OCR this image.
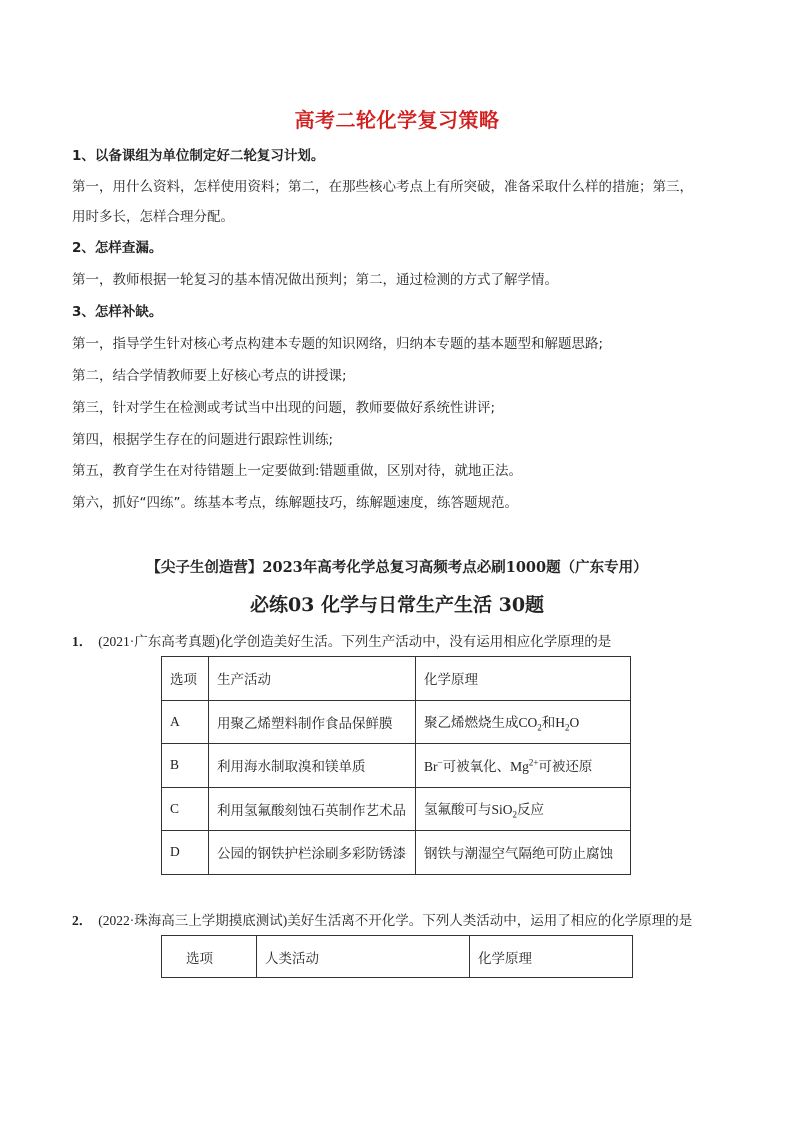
高考二轮化学复习策略
1、以备课组为单位制定好二轮复习计划。
第一，用什么资料，怎样使用资料；第二，在那些核心考点上有所突破，准备采取什么样的措施；第三，
用时多长，怎样合理分配。
2、怎样查漏。
第一，教师根据一轮复习的基本情况做出预判；第二，通过检测的方式了解学情。
3、怎样补缺。
第一，指导学生针对核心考点构建本专题的知识网络，归纳本专题的基本题型和解题思路;
第二，结合学情教师要上好核心考点的讲授课;
第三，针对学生在检测或考试当中出现的问题，教师要做好系统性讲评;
第四，根据学生存在的问题进行跟踪性训练;
第五，教育学生在对待错题上一定要做到:错题重做，区别对待，就地正法。
第六，抓好“四练”。练基本考点，练解题技巧，练解题速度，练答题规范。
【尖子生创造营】2023年高考化学总复习高频考点必刷1000题（广东专用）
必练03 化学与日常生产生活 30题
1． (2021·广东高考真题)化学创造美好生活。下列生产活动中，没有运用相应化学原理的是
选项	生产活动	化学原理
A	用聚乙烯塑料制作食品保鲜膜	聚乙烯燃烧生成$CO_2$和$H_2O$
B	利用海水制取溴和镁单质	Br−可被氧化、$Mg^{2+}$可被还原
C	利用氢氟酸刻蚀石英制作艺术品	氢氟酸可与SiO$_2$反应
D	公园的钢铁护栏涂刷多彩防锈漆	钢铁与潮湿空气隔绝可防止腐蚀
2． (2022·珠海高三上学期摸底测试)美好生活离不开化学。下列人类活动中，运用了相应的化学原理的是
选项	人类活动	化学原理
